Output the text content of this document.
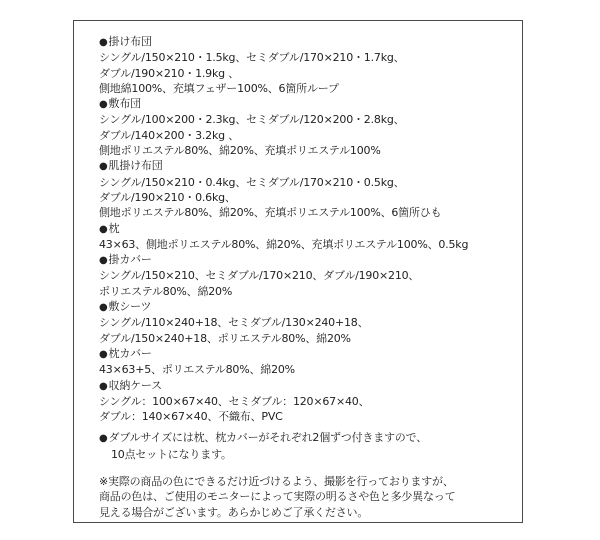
● 掛け布団
シングル/150×210・1.5kg、セミダブル/170×210・1.7kg、
ダブル/190×210・1.9kg 、
側地綿100%、充填フェザー100%、6箇所ループ
● 敷布団
シングル/100×200・2.3kg、セミダブル/120×200・2.8kg、
ダブル/140×200・3.2kg 、
側地ポリエステル80%、綿20%、充填ポリエステル100%
● 肌掛け布団
シングル/150×210・0.4kg、セミダブル/170×210・0.5kg、
ダブル/190×210・0.6kg、
側地ポリエステル80%、綿20%、充填ポリエステル100%、6箇所ひも
● 枕
43×63、側地ポリエステル80%、綿20%、充填ポリエステル100%、0.5kg
● 掛カバー
シングル/150×210、セミダブル/170×210、ダブル/190×210、
ポリエステル80%、綿20%
● 敷シーツ
シングル/110×240+18、セミダブル/130×240+18、
ダブル/150×240+18、ポリエステル80%、綿20%
● 枕カバー
43×63+5、ポリエステル80%、綿20%
● 収納ケース
シングル：100×67×40、セミダブル：120×67×40、
ダブル：140×67×40、不織布、PVC
● ダブルサイズには枕、枕カバーがそれぞれ2個ずつ付きますので、
10点セットになります。
※実際の商品の色にできるだけ近づけるよう、撮影を行っておりますが、
商品の色は、ご使用のモニターによって実際の明るさや色と多少異なって
見える場合がございます。あらかじめご了承ください。
